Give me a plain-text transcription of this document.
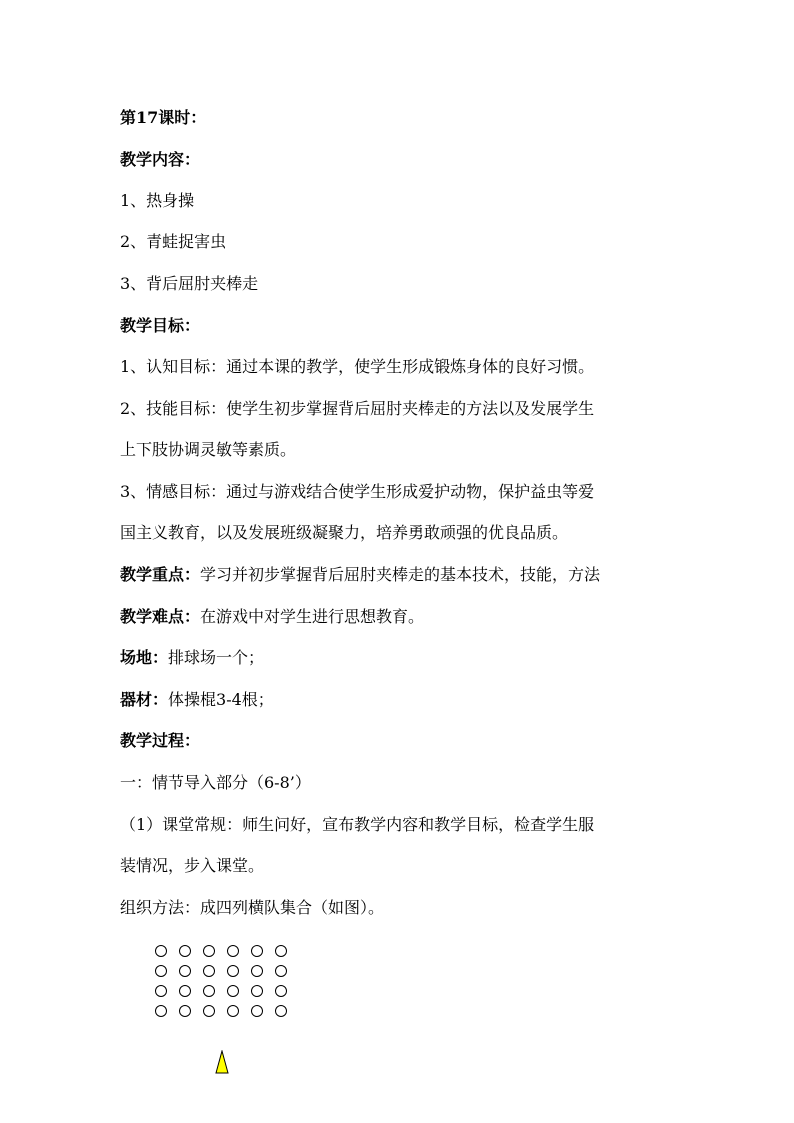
第17课时：
教学内容：
1、热身操
2、青蛙捉害虫
3、背后屈肘夹棒走
教学目标：
1、认知目标：通过本课的教学，使学生形成锻炼身体的良好习惯。
2、技能目标：使学生初步掌握背后屈肘夹棒走的方法以及发展学生
上下肢协调灵敏等素质。
3、情感目标：通过与游戏结合使学生形成爱护动物，保护益虫等爱
国主义教育，以及发展班级凝聚力，培养勇敢顽强的优良品质。
教学重点：学习并初步掌握背后屈肘夹棒走的基本技术，技能，方法
教学难点：在游戏中对学生进行思想教育。
场地：排球场一个；
器材：体操棍3-4根；
教学过程：
一：情节导入部分（6-8’）
（1）课堂常规：师生问好，宣布教学内容和教学目标，检查学生服
装情况，步入课堂。
组织方法：成四列横队集合（如图）。
